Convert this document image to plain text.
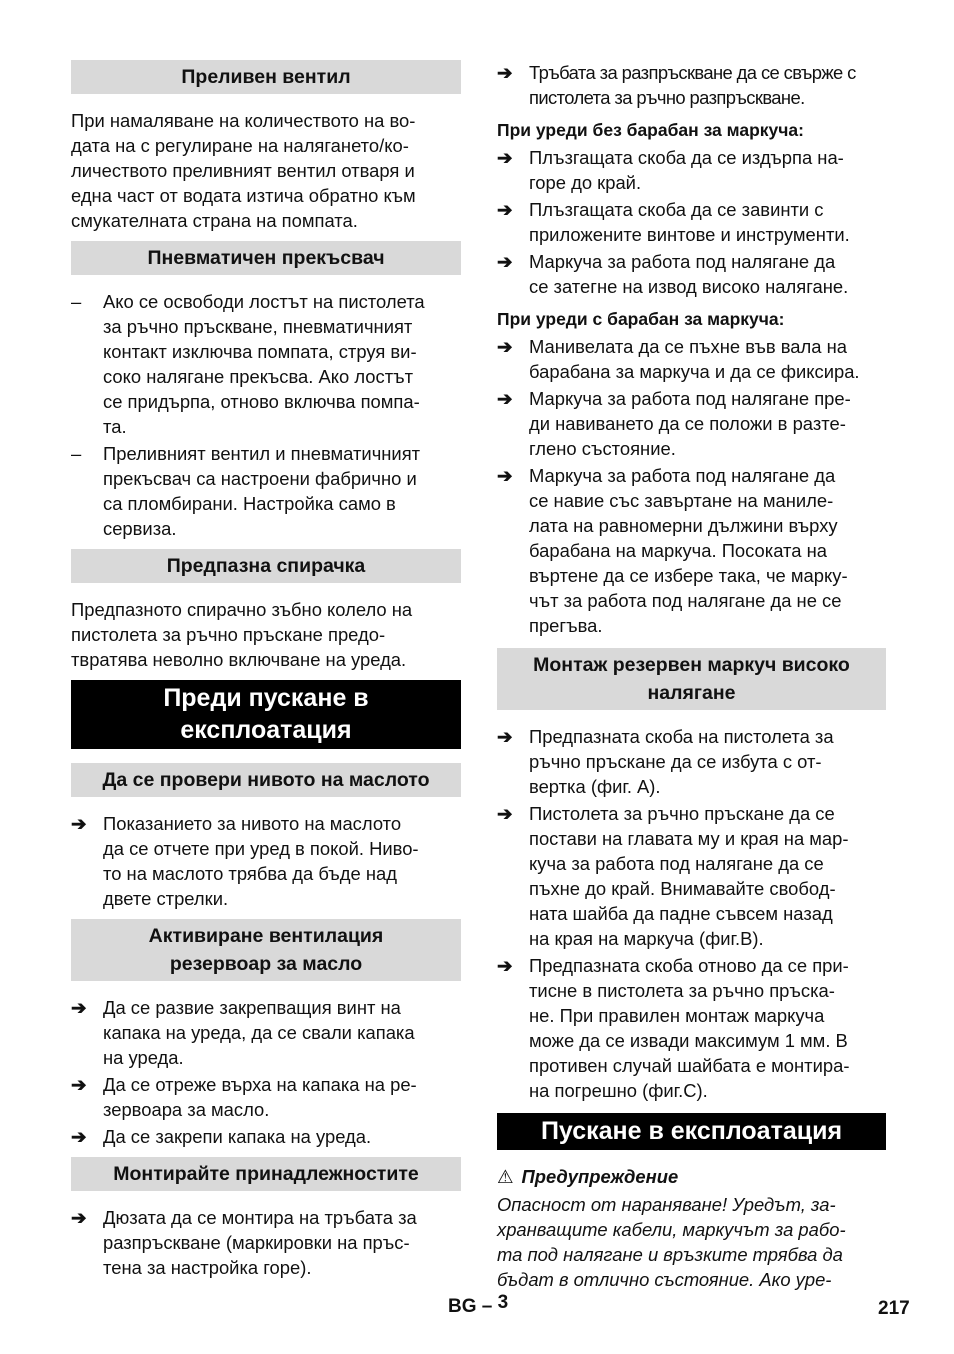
Преливен вентил
При намаляване на количеството на во-
дата на с регулиране на налягането/ко-
личеството преливният вентил отваря и
една част от водата изтича обратно към
смукателната страна на помпата.
Пневматичен прекъсвач
– Ако се освободи лостът на пистолета
за ръчно пръскване, пневматичният
контакт изключва помпата, струя ви-
соко налягане прекъсва. Ако лостът
се придърпа, отново включва помпа-
та.
– Преливният вентил и пневматичният
прекъсвач са настроени фабрично и
са пломбирани. Настройка само в
сервиза.
Предпазна спирачка
Предпазното спирачно зъбно колело на
пистолета за ръчно пръскане предо-
твратява неволно включване на уреда.
Преди пускане в
експлоатация
Да се провери нивото на маслото
➔ Показанието за нивото на маслото
да се отчете при уред в покой. Ниво-
то на маслото трябва да бъде над
двете стрелки.
Активиране вентилация
резервоар за масло
➔ Да се развие закрепващия винт на
капака на уреда, да се свали капака
на уреда.
➔ Да се отреже върха на капака на ре-
зервоара за масло.
➔ Да се закрепи капака на уреда.
Монтирайте принадлежностите
➔ Дюзата да се монтира на тръбата за
разпръскване (маркировки на пръс-
тена за настройка горе).
➔ Тръбата за разпръскване да се свърже с
пистолета за ръчно разпръскване.
При уреди без барабан за маркуча:
➔ Плъзгащата скоба да се издърпа на-
горе до край.
➔ Плъзгащата скоба да се завинти с
приложените винтове и инструменти.
➔ Маркуча за работа под налягане да
се затегне на извод високо налягане.
При уреди с барабан за маркуча:
➔ Манивелата да се пъхне във вала на
барабана за маркуча и да се фиксира.
➔ Маркуча за работа под налягане пре-
ди навиването да се положи в разте-
глено състояние.
➔ Маркуча за работа под налягане да
се навие със завъртане на маниле-
лата на равномерни дължини върху
барабана на маркуча. Посоката на
въртене да се избере така, че марку-
чът за работа под налягане да не се
прегъва.
Монтаж резервен маркуч високо
налягане
➔ Предпазната скоба на пистолета за
ръчно пръскане да се избута с от-
вертка (фиг. А).
➔ Пистолета за ръчно пръскане да се
постави на главата му и края на мар-
куча за работа под налягане да се
пъхне до край. Внимавайте свобод-
ната шайба да падне съвсем назад
на края на маркуча (фиг.В).
➔ Предпазната скоба отново да се при-
тисне в пистолета за ръчно пръска-
не. При правилен монтаж маркуча
може да се извади максимум 1 мм. В
противен случай шайбата е монтира-
на погрешно (фиг.С).
Пускане в експлоатация
⚠ Предупреждение
Опасност от нараняване! Уредът, за-
хранващите кабели, маркучът за рабо-
та под налягане и връзките трябва да
бъдат в отлично състояние. Ако уре-
BG – 3	217
